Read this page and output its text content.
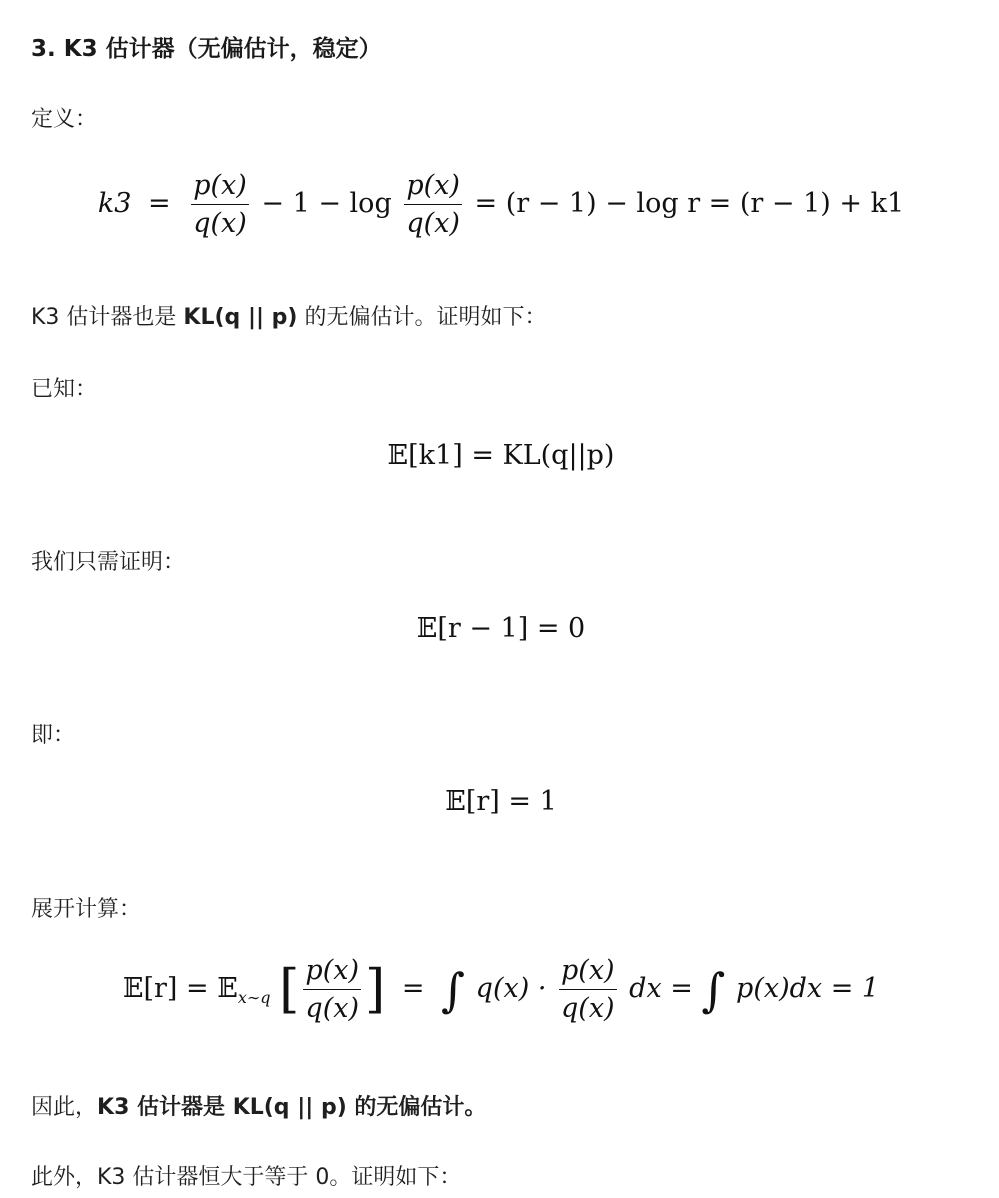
3. K3 估计器（无偏估计，稳定）
定义：
$k3 = \frac{p(x)}{q(x)} - 1 - \log \frac{p(x)}{q(x)} = (r - 1) - \log r = (r - 1) + k1$
K3 估计器也是 KL(q || p) 的无偏估计。证明如下：
已知：
𝔼[k1] = KL(q||p)
我们只需证明：
𝔼[r − 1] = 0
即：
𝔼[r] = 1
展开计算：
𝔼[r] = 𝔼$_{x\sim q}$ [ $\frac{p(x)}{q(x)}$ ] = ∫ $q(x) \cdot \frac{p(x)}{q(x)}$ dx = ∫ p(x)dx = 1
因此，K3 估计器是 KL(q || p) 的无偏估计。
此外，K3 估计器恒大于等于 0。证明如下：
